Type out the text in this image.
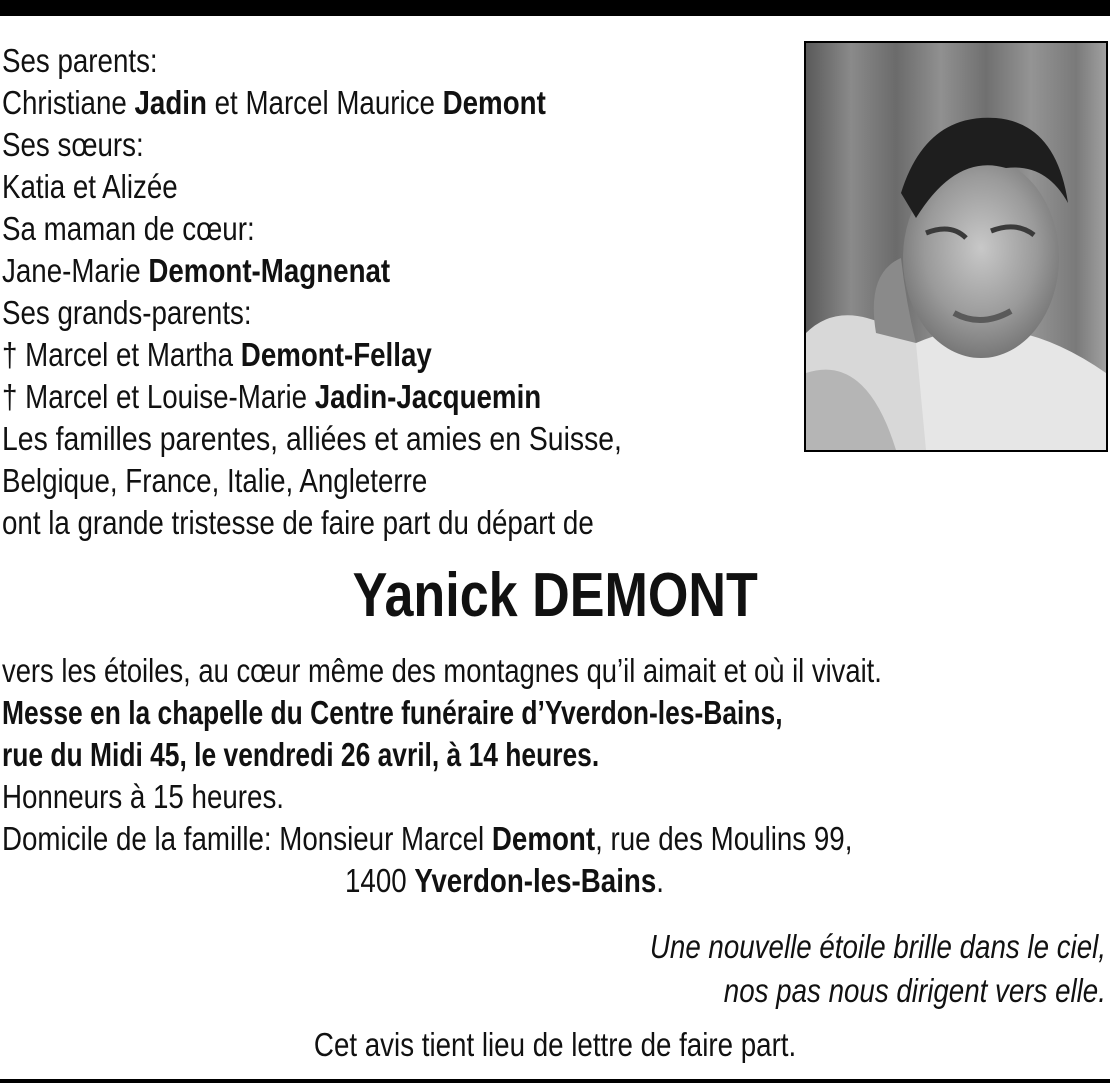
Ses parents:
Christiane Jadin et Marcel Maurice Demont
Ses sœurs:
Katia et Alizée
Sa maman de cœur:
Jane-Marie Demont-Magnenat
Ses grands-parents:
† Marcel et Martha Demont-Fellay
† Marcel et Louise-Marie Jadin-Jacquemin
Les familles parentes, alliées et amies en Suisse,
Belgique, France, Italie, Angleterre
ont la grande tristesse de faire part du départ de
Yanick DEMONT
vers les étoiles, au cœur même des montagnes qu’il aimait et où il vivait.
Messe en la chapelle du Centre funéraire d’Yverdon-les-Bains,
rue du Midi 45, le vendredi 26 avril, à 14 heures.
Honneurs à 15 heures.
Domicile de la famille: Monsieur Marcel Demont, rue des Moulins 99,
1400 Yverdon-les-Bains.
Une nouvelle étoile brille dans le ciel,
nos pas nous dirigent vers elle.
Cet avis tient lieu de lettre de faire part.
